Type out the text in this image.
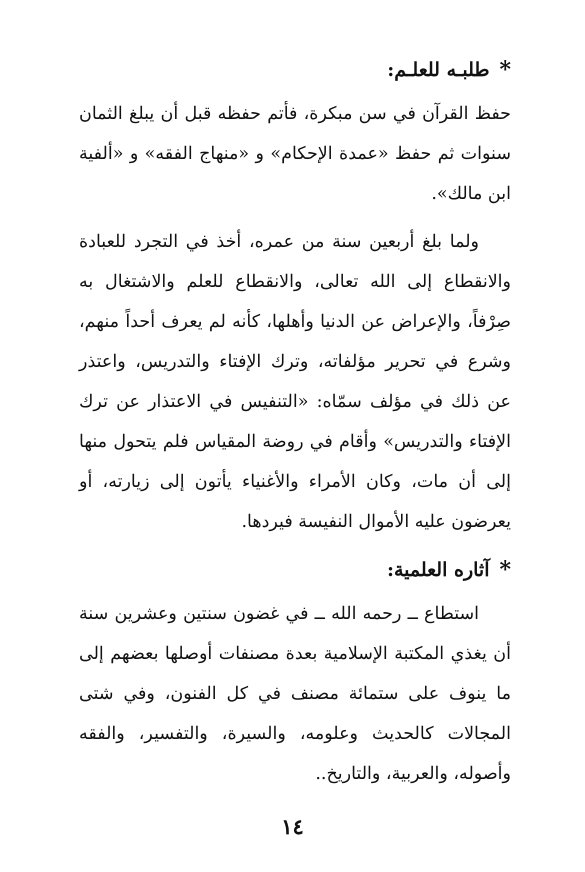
*
طلبـه للعلـم:

حفظ القرآن في سن مبكرة، فأتم حفظه قبل أن يبلغ الثمان سنوات ثم حفظ «عمدة الإحكام» و «منهاج الفقه» و «ألفية ابن مالك».

ولما بلغ أربعين سنة من عمره، أخذ في التجرد للعبادة والانقطاع إلى الله تعالى، والانقطاع للعلم والاشتغال به صِرْفاً، والإعراض عن الدنيا وأهلها، كأنه لم يعرف أحداً منهم، وشرع في تحرير مؤلفاته، وترك الإفتاء والتدريس، واعتذر عن ذلك في مؤلف سمّاه: «التنفيس في الاعتذار عن ترك الإفتاء والتدريس» وأقام في روضة المقياس فلم يتحول منها إلى أن مات، وكان الأمراء والأغنياء يأتون إلى زيارته، أو يعرضون عليه الأموال النفيسة فيردها.

*
آثاره العلمية:

استطاع ــ رحمه الله ــ في غضون سنتين وعشرين سنة أن يغذي المكتبة الإسلامية بعدة مصنفات أوصلها بعضهم إلى ما ينوف على ستمائة مصنف في كل الفنون، وفي شتى المجالات كالحديث وعلومه، والسيرة، والتفسير، والفقه وأصوله، والعربية، والتاريخ..

١٤
